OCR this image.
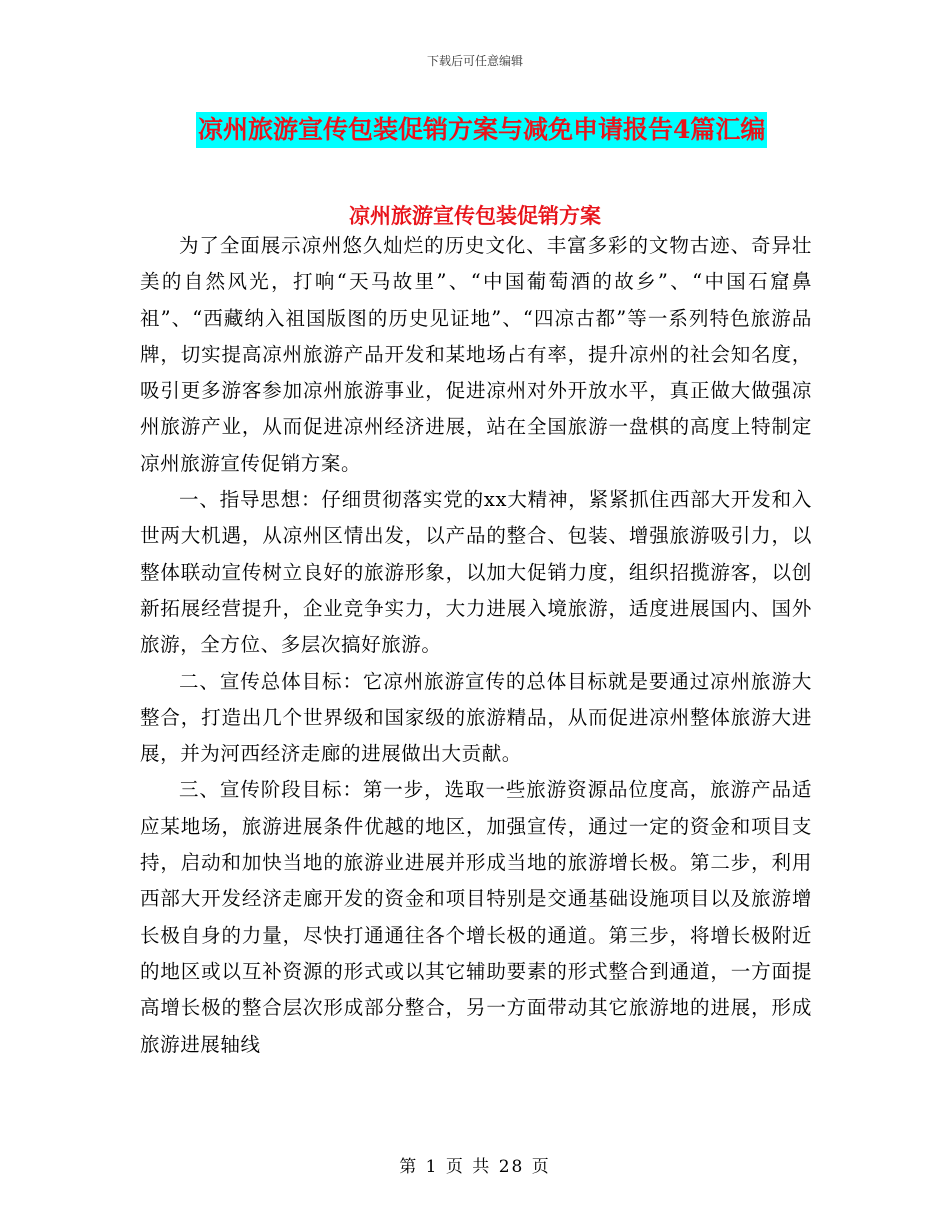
下载后可任意编辑
凉州旅游宣传包装促销方案与减免申请报告4篇汇编
凉州旅游宣传包装促销方案

为了全面展示凉州悠久灿烂的历史文化、丰富多彩的文物古迹、奇异壮美的自然风光，打响“天马故里”、“中国葡萄酒的故乡”、“中国石窟鼻祖”、“西藏纳入祖国版图的历史见证地”、“四凉古都”等一系列特色旅游品牌，切实提高凉州旅游产品开发和某地场占有率，提升凉州的社会知名度，吸引更多游客参加凉州旅游事业，促进凉州对外开放水平，真正做大做强凉州旅游产业，从而促进凉州经济进展，站在全国旅游一盘棋的高度上特制定凉州旅游宣传促销方案。

一、指导思想：仔细贯彻落实党的xx大精神，紧紧抓住西部大开发和入世两大机遇，从凉州区情出发，以产品的整合、包装、增强旅游吸引力，以整体联动宣传树立良好的旅游形象，以加大促销力度，组织招揽游客，以创新拓展经营提升，企业竞争实力，大力进展入境旅游，适度进展国内、国外旅游，全方位、多层次搞好旅游。

二、宣传总体目标：它凉州旅游宣传的总体目标就是要通过凉州旅游大整合，打造出几个世界级和国家级的旅游精品，从而促进凉州整体旅游大进展，并为河西经济走廊的进展做出大贡献。

三、宣传阶段目标：第一步，选取一些旅游资源品位度高，旅游产品适应某地场，旅游进展条件优越的地区，加强宣传，通过一定的资金和项目支持，启动和加快当地的旅游业进展并形成当地的旅游增长极。第二步，利用西部大开发经济走廊开发的资金和项目特别是交通基础设施项目以及旅游增长极自身的力量，尽快打通通往各个增长极的通道。第三步，将增长极附近的地区或以互补资源的形式或以其它辅助要素的形式整合到通道，一方面提高增长极的整合层次形成部分整合，另一方面带动其它旅游地的进展，形成旅游进展轴线

第 1 页 共 28 页
